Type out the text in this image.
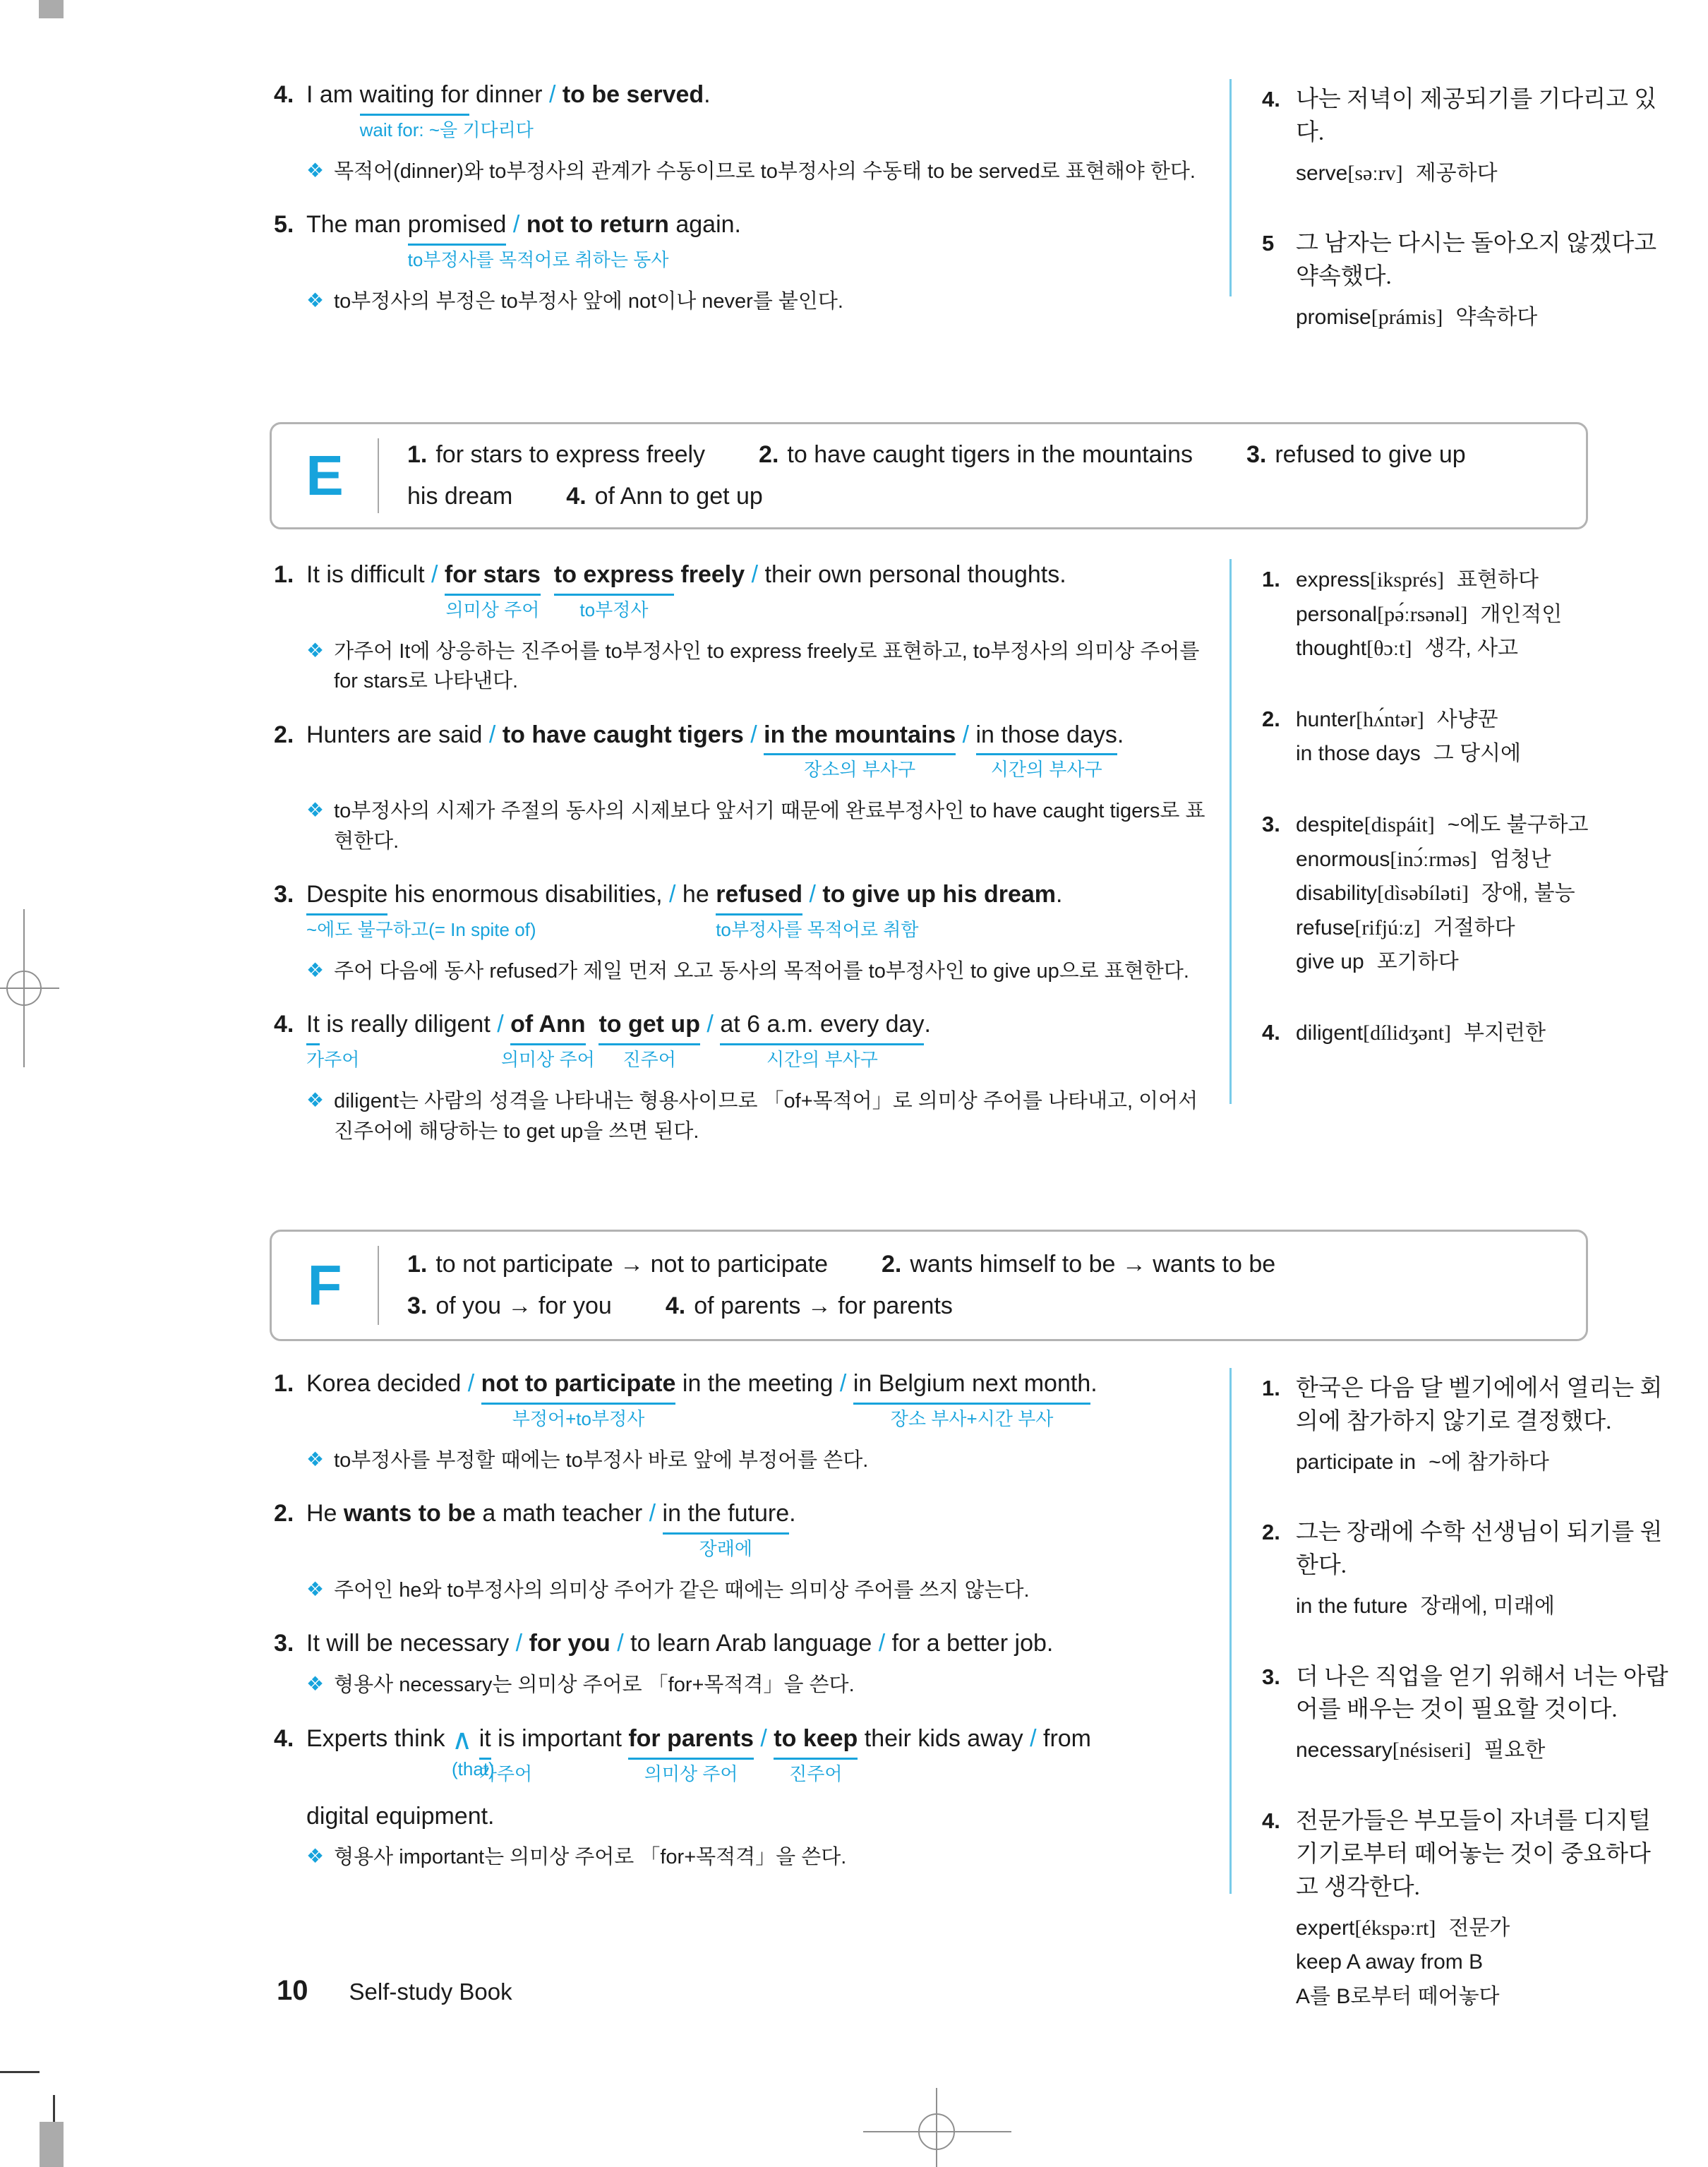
4. I am waiting for
wait for: ~을 기다리다
dinner / to be served.
❖ 목적어(dinner)와 to부정사의 관계가 수동이므로 to부정사의 수동태 to be served로 표현해야 한다.
5. The man promised
to부정사를 목적어로 취하는 동사
/ not to return again.
❖ to부정사의 부정은 to부정사 앞에 not이나 never를 붙인다.
4. 나는 저녁이 제공되기를 기다리고 있다.
serve[səːrv] 제공하다
5 그 남자는 다시는 돌아오지 않겠다고 약속했다.
promise[prámis] 약속하다
E	1. for stars to express freely 2. to have caught tigers in the mountains 3. refused to give up
his dream 4. of Ann to get up
1. It is difficult / for stars
의미상 주어
to express
to부정사
freely / their own personal thoughts.
❖ 가주어 It에 상응하는 진주어를 to부정사인 to express freely로 표현하고, to부정사의 의미상 주어를 for stars로 나타낸다.
2. Hunters are said / to have caught tigers / in the mountains
장소의 부사구
/ in those days
시간의 부사구
.
❖ to부정사의 시제가 주절의 동사의 시제보다 앞서기 때문에 완료부정사인 to have caught tigers로 표현한다.
3. Despite
~에도 불구하고(= In spite of)
his enormous disabilities, / he refused
to부정사를 목적어로 취함
/ to give up his dream.
❖ 주어 다음에 동사 refused가 제일 먼저 오고 동사의 목적어를 to부정사인 to give up으로 표현한다.
4. It
가주어
is really diligent / of Ann
의미상 주어
to get up
진주어
/ at 6 a.m. every day
시간의 부사구
.
❖ diligent는 사람의 성격을 나타내는 형용사이므로 「of+목적어」로 의미상 주어를 나타내고, 이어서 진주어에 해당하는 to get up을 쓰면 된다.
1. express[iksprés] 표현하다
personal[pə́ːrsənəl] 개인적인
thought[θɔːt] 생각, 사고
2. hunter[hʌ́ntər] 사냥꾼
in those days 그 당시에
3. despite[dispáit] ~에도 불구하고
enormous[inɔ́ːrməs] 엄청난
disability[dìsəbíləti] 장애, 불능
refuse[rifjúːz] 거절하다
give up 포기하다
4. diligent[dílidʒənt] 부지런한
F	1. to not participate → not to participate 2. wants himself to be → wants to be
3. of you → for you 4. of parents → for parents
1. Korea decided / not to participate
부정어+to부정사
in the meeting / in Belgium next month
장소 부사+시간 부사
.
❖ to부정사를 부정할 때에는 to부정사 바로 앞에 부정어를 쓴다.
2. He wants to be a math teacher / in the future
장래에
.
❖ 주어인 he와 to부정사의 의미상 주어가 같은 때에는 의미상 주어를 쓰지 않는다.
3. It will be necessary / for you / to learn Arab language / for a better job.
❖ 형용사 necessary는 의미상 주어로 「for+목적격」을 쓴다.
4. Experts think ∧
(that)
it
가주어
is important for parents
의미상 주어
/ to keep
진주어
their kids away / from
digital equipment.
❖ 형용사 important는 의미상 주어로 「for+목적격」을 쓴다.
1. 한국은 다음 달 벨기에에서 열리는 회의에 참가하지 않기로 결정했다.
participate in ~에 참가하다
2. 그는 장래에 수학 선생님이 되기를 원한다.
in the future 장래에, 미래에
3. 더 나은 직업을 얻기 위해서 너는 아랍어를 배우는 것이 필요할 것이다.
necessary[nésiseri] 필요한
4. 전문가들은 부모들이 자녀를 디지털기기로부터 떼어놓는 것이 중요하다고 생각한다.
expert[ékspəːrt] 전문가
keep A away from B
A를 B로부터 떼어놓다
10 Self-study Book
